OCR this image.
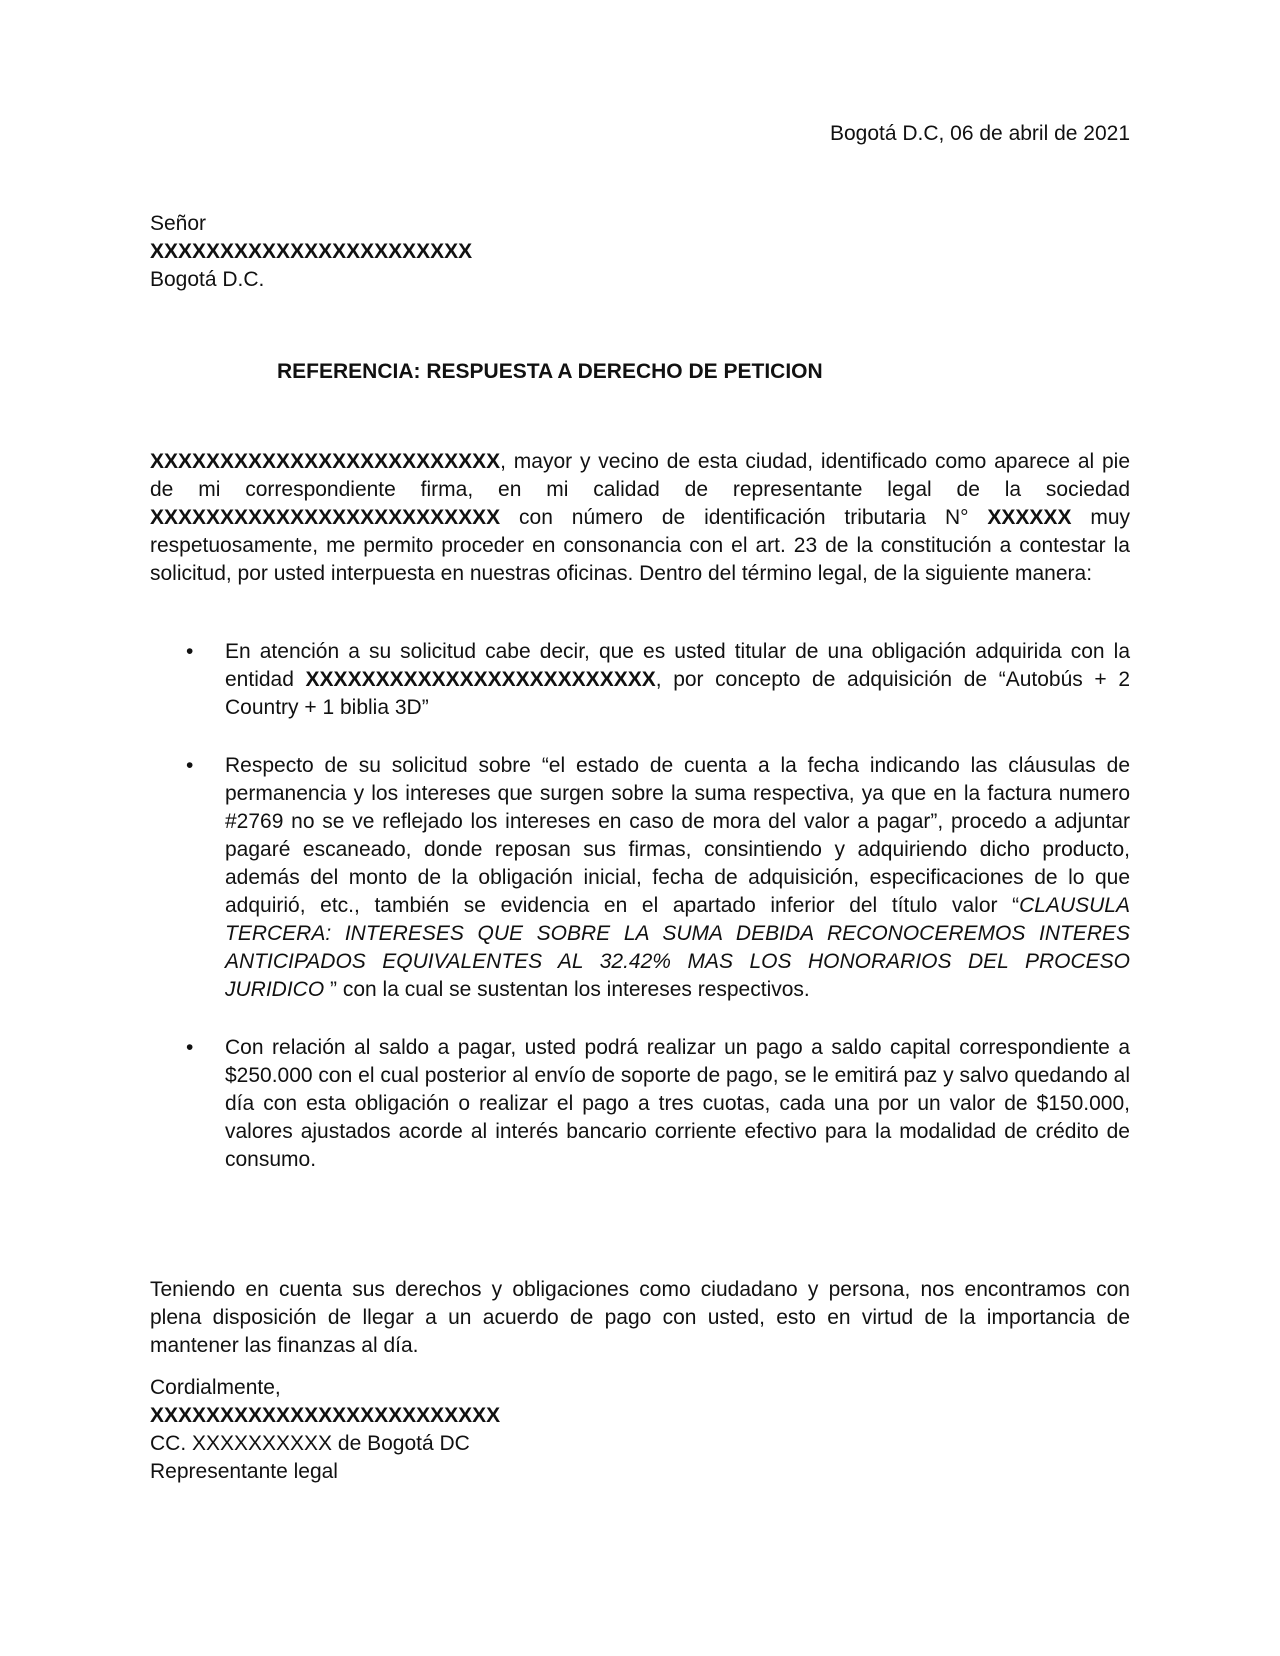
Bogotá D.C, 06 de abril de 2021
Señor
XXXXXXXXXXXXXXXXXXXXXXX
Bogotá D.C.
REFERENCIA: RESPUESTA A DERECHO DE PETICION

XXXXXXXXXXXXXXXXXXXXXXXXX, mayor y vecino de esta ciudad, identificado como aparece al pie de mi correspondiente firma, en mi calidad de representante legal de la sociedad XXXXXXXXXXXXXXXXXXXXXXXXX con número de identificación tributaria N° XXXXXX muy respetuosamente, me permito proceder en consonancia con el art. 23 de la constitución a contestar la solicitud, por usted interpuesta en nuestras oficinas. Dentro del término legal, de la siguiente manera:

• En atención a su solicitud cabe decir, que es usted titular de una obligación adquirida con la entidad XXXXXXXXXXXXXXXXXXXXXXXXX, por concepto de adquisición de “Autobús + 2 Country + 1 biblia 3D”
• Respecto de su solicitud sobre “el estado de cuenta a la fecha indicando las cláusulas de permanencia y los intereses que surgen sobre la suma respectiva, ya que en la factura numero #2769 no se ve reflejado los intereses en caso de mora del valor a pagar”, procedo a adjuntar pagaré escaneado, donde reposan sus firmas, consintiendo y adquiriendo dicho producto, además del monto de la obligación inicial, fecha de adquisición, especificaciones de lo que adquirió, etc., también se evidencia en el apartado inferior del título valor “CLAUSULA TERCERA: INTERESES QUE SOBRE LA SUMA DEBIDA RECONOCEREMOS INTERES ANTICIPADOS EQUIVALENTES AL 32.42% MAS LOS HONORARIOS DEL PROCESO JURIDICO ” con la cual se sustentan los intereses respectivos.
• Con relación al saldo a pagar, usted podrá realizar un pago a saldo capital correspondiente a $250.000 con el cual posterior al envío de soporte de pago, se le emitirá paz y salvo quedando al día con esta obligación o realizar el pago a tres cuotas, cada una por un valor de $150.000, valores ajustados acorde al interés bancario corriente efectivo para la modalidad de crédito de consumo.

Teniendo en cuenta sus derechos y obligaciones como ciudadano y persona, nos encontramos con plena disposición de llegar a un acuerdo de pago con usted, esto en virtud de la importancia de mantener las finanzas al día.

Cordialmente,
XXXXXXXXXXXXXXXXXXXXXXXXX
CC. XXXXXXXXXX de Bogotá DC
Representante legal
